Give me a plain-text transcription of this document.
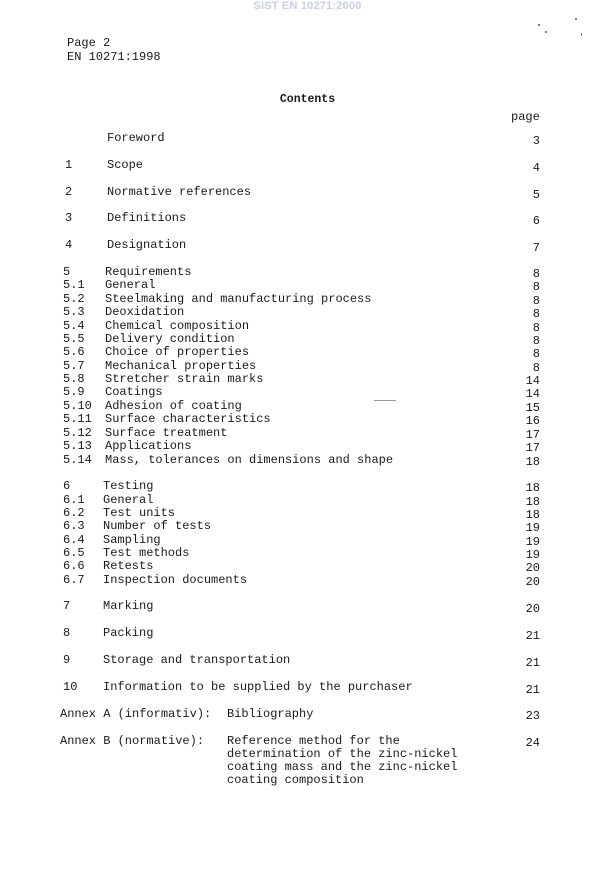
SIST EN 10271:2000
Page 2
EN 10271:1998
Contents
page
Foreword	3
1	Scope	4
2	Normative references	5
3	Definitions	6
4	Designation	7
5	Requirements	8
5.1 General	8
5.2 Steelmaking and manufacturing process	8
5.3 Deoxidation	8
5.4 Chemical composition	8
5.5 Delivery condition	8
5.6 Choice of properties	8
5.7 Mechanical properties	8
5.8 Stretcher strain marks	14
5.9 Coatings	14
5.10 Adhesion of coating	15
5.11 Surface characteristics	16
5.12 Surface treatment	17
5.13 Applications	17
5.14 Mass, tolerances on dimensions and shape	18
6	Testing	18
6.1 General	18
6.2 Test units	18
6.3 Number of tests	19
6.4 Sampling	19
6.5 Test methods	19
6.6 Retests	20
6.7 Inspection documents	20
7	Marking	20
8	Packing	21
9	Storage and transportation	21
10 Information to be supplied by the purchaser	21
Annex A (informativ): Bibliography	23
Annex B (normative): Reference method for the
determination of the zinc-nickel
coating mass and the zinc-nickel
coating composition
24
